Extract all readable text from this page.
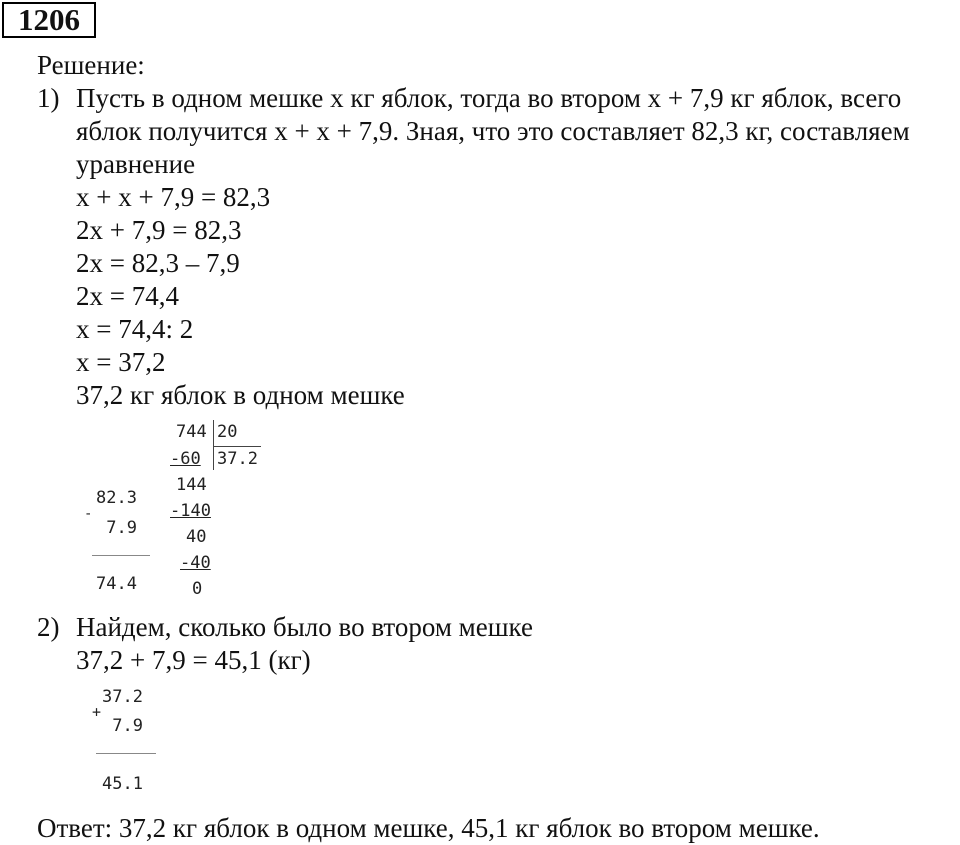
1206
Решение:
1) Пусть в одном мешке x кг яблок, тогда во втором x + 7,9 кг яблок, всего
яблок получится x + x + 7,9. Зная, что это составляет 82,3 кг, составляем
уравнение
x + x + 7,9 = 82,3
2x + 7,9 = 82,3
2x = 82,3 – 7,9
2x = 74,4
x = 74,4: 2
x = 37,2
37,2 кг яблок в одном мешке
82.3
-
7.9
74.4
744 20
37.2
-60
144
-140
40
-40
0
2) Найдем, сколько было во втором мешке
37,2 + 7,9 = 45,1 (кг)
37.2
+
7.9
45.1
Ответ: 37,2 кг яблок в одном мешке, 45,1 кг яблок во втором мешке.
